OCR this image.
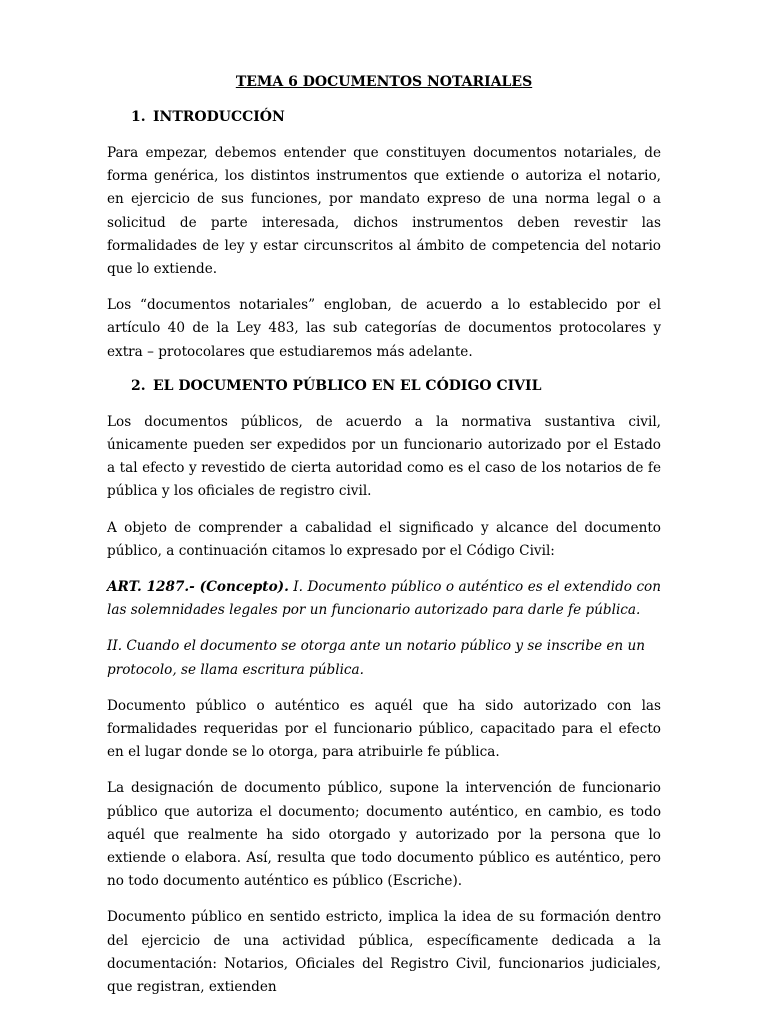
TEMA 6 DOCUMENTOS NOTARIALES
1. INTRODUCCIÓN

Para empezar, debemos entender que constituyen documentos notariales, de forma genérica, los distintos instrumentos que extiende o autoriza el notario, en ejercicio de sus funciones, por mandato expreso de una norma legal o a solicitud de parte interesada, dichos instrumentos deben revestir las formalidades de ley y estar circunscritos al ámbito de competencia del notario que lo extiende.

Los “documentos notariales” engloban, de acuerdo a lo establecido por el artículo 40 de la Ley 483, las sub categorías de documentos protocolares y extra – protocolares que estudiaremos más adelante.

2. EL DOCUMENTO PÚBLICO EN EL CÓDIGO CIVIL

Los documentos públicos, de acuerdo a la normativa sustantiva civil, únicamente pueden ser expedidos por un funcionario autorizado por el Estado a tal efecto y revestido de cierta autoridad como es el caso de los notarios de fe pública y los oficiales de registro civil.

A objeto de comprender a cabalidad el significado y alcance del documento público, a continuación citamos lo expresado por el Código Civil:

ART. 1287.- (Concepto). I. Documento público o auténtico es el extendido con las solemnidades legales por un funcionario autorizado para darle fe pública.

II. Cuando el documento se otorga ante un notario público y se inscribe en un protocolo, se llama escritura pública.

Documento público o auténtico es aquél que ha sido autorizado con las formalidades requeridas por el funcionario público, capacitado para el efecto en el lugar donde se lo otorga, para atribuirle fe pública.

La designación de documento público, supone la intervención de funcionario público que autoriza el documento; documento auténtico, en cambio, es todo aquél que realmente ha sido otorgado y autorizado por la persona que lo extiende o elabora. Así, resulta que todo documento público es auténtico, pero no todo documento auténtico es público (Escriche).

Documento público en sentido estricto, implica la idea de su formación dentro del ejercicio de una actividad pública, específicamente dedicada a la documentación: Notarios, Oficiales del Registro Civil, funcionarios judiciales, que registran, extienden
